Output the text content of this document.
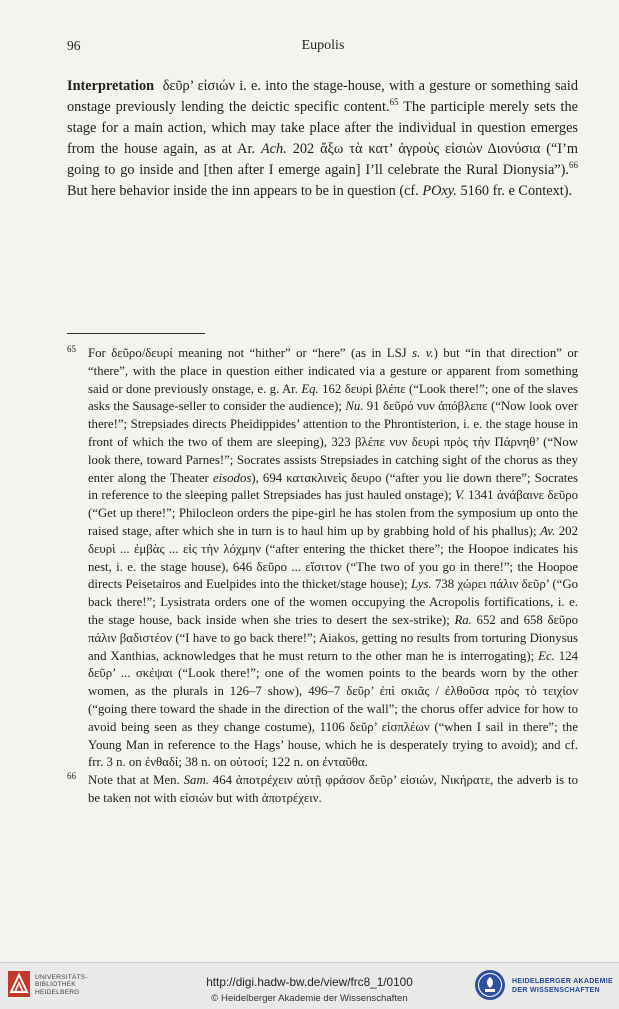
96	Eupolis

Interpretation δεῦρ’ εἰσιών i. e. into the stage-house, with a gesture or something said onstage previously lending the deictic specific content.$^{65}$ The participle merely sets the stage for a main action, which may take place after the individual in question emerges from the house again, as at Ar. Ach. 202 ἄξω τὰ κατ’ ἀγροὺς εἰσιὼν Διονύσια (“I’m going to go inside and [then after I emerge again] I’ll celebrate the Rural Dionysia”).$^{66}$ But here behavior inside the inn appears to be in question (cf. POxy. 5160 fr. e Context).

65 For δεῦρο/δευρί meaning not “hither” or “here” (as in LSJ s. v.) but “in that direction” or “there”, with the place in question either indicated via a gesture or apparent from something said or done previously onstage, e. g. Ar. Eq. 162 δευρὶ βλέπε (“Look there!”; one of the slaves asks the Sausage-seller to consider the audience); Nu. 91 δεῦρό νυν ἀπόβλεπε (“Now look over there!”; Strepsiades directs Pheidippides’ attention to the Phrontisterion, i. e. the stage house in front of which the two of them are sleeping), 323 βλέπε νυν δευρὶ πρὸς τὴν Πάρνηθ’ (“Now look there, toward Parnes!”; Socrates assists Strepsiades in catching sight of the chorus as they enter along the Theater eisodos), 694 κατακλινεὶς δευρο (“after you lie down there”; Socrates in reference to the sleeping pallet Strepsiades has just hauled onstage); V. 1341 ἀνάβαινε δεῦρο (“Get up there!”; Philocleon orders the pipe-girl he has stolen from the symposium up onto the raised stage, after which she in turn is to haul him up by grabbing hold of his phallus); Av. 202 δευρὶ ... ἐμβὰς ... εἰς τὴν λόχμην (“after entering the thicket there”; the Hoopoe indicates his nest, i. e. the stage house), 646 δεῦρο ... εἴσιτον (“The two of you go in there!”; the Hoopoe directs Peisetairos and Euelpides into the thicket/stage house); Lys. 738 χώρει πάλιν δεῦρ’ (“Go back there!”; Lysistrata orders one of the women occupying the Acropolis fortifications, i. e. the stage house, back inside when she tries to desert the sex-strike); Ra. 652 and 658 δεῦρο πάλιν βαδιστέον (“I have to go back there!”; Aiakos, getting no results from torturing Dionysus and Xanthias, acknowledges that he must return to the other man he is interrogating); Ec. 124 δεῦρ’ ... σκέψαι (“Look there!”; one of the women points to the beards worn by the other women, as the plurals in 126–7 show), 496–7 δεῦρ’ ἐπὶ σκιᾶς / ἐλθοῦσα πρὸς τὸ τειχίον (“going there toward the shade in the direction of the wall”; the chorus offer advice for how to avoid being seen as they change costume), 1106 δεῦρ’ εἰσπλέων (“when I sail in there”; the Young Man in reference to the Hags’ house, which he is desperately trying to avoid); and cf. frr. 3 n. on ἐνθαδί; 38 n. on οὑτοσί; 122 n. on ἐνταῦθα.
66 Note that at Men. Sam. 464 ἀποτρέχειν αὐτῇ φράσον δεῦρ’ εἰσιών, Νικήρατε, the adverb is to be taken not with εἰσιών but with ἀποτρέχειν.
UNIVERSITÄTS-
BIBLIOTHEK
HEIDELBERG
http://digi.hadw-bw.de/view/frc8_1/0100
© Heidelberger Akademie der Wissenschaften
HEIDELBERGER AKADEMIE
DER WISSENSCHAFTEN
